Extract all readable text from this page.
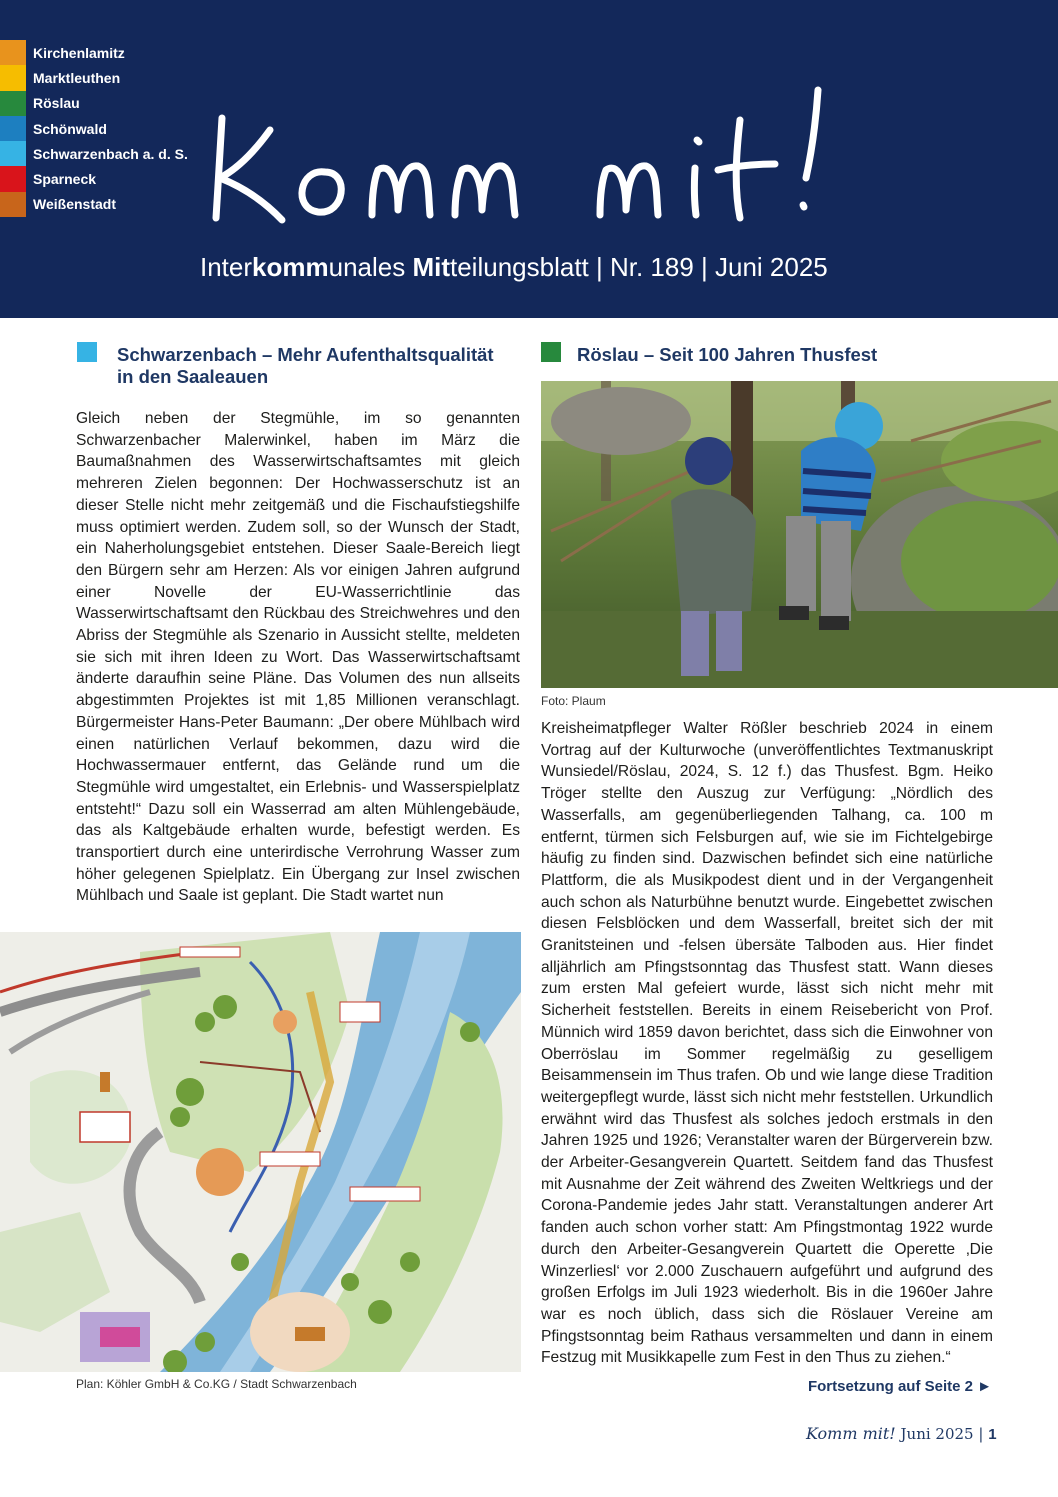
Kirchenlamitz
Marktleuthen
Röslau
Schönwald
Schwarzenbach a. d. S.
Sparneck
Weißenstadt
Interkommunales Mitteilungsblatt | Nr. 189 | Juni 2025
Schwarzenbach – Mehr Aufenthaltsqualität
in den Saaleauen
Gleich neben der Stegmühle, im so genannten Schwarzenbacher Malerwinkel, haben im März die Baumaßnahmen des Wasserwirtschaftsamtes mit gleich mehreren Zielen begonnen: Der Hochwasserschutz ist an dieser Stelle nicht mehr zeitgemäß und die Fischaufstiegshilfe muss optimiert werden. Zudem soll, so der Wunsch der Stadt, ein Naherholungsgebiet entstehen. Dieser Saale-Bereich liegt den Bürgern sehr am Herzen: Als vor einigen Jahren aufgrund einer Novelle der EU-Wasserrichtlinie das Wasserwirtschaftsamt den Rückbau des Streichwehres und den Abriss der Stegmühle als Szenario in Aussicht stellte, meldeten sie sich mit ihren Ideen zu Wort. Das Wasserwirtschaftsamt änderte daraufhin seine Pläne. Das Volumen des nun allseits abgestimmten Projektes ist mit 1,85 Millionen veranschlagt. Bürgermeister Hans-Peter Baumann: „Der obere Mühlbach wird einen natürlichen Verlauf bekommen, dazu wird die Hochwassermauer entfernt, das Gelände rund um die Stegmühle wird umgestaltet, ein Erlebnis- und Wasserspielplatz entsteht!“ Dazu soll ein Wasserrad am alten Mühlengebäude, das als Kaltgebäude erhalten wurde, befestigt werden. Es transportiert durch eine unterirdische Verrohrung Wasser zum höher gelegenen Spielplatz. Ein Übergang zur Insel zwischen Mühlbach und Saale ist geplant. Die Stadt wartet nun
Plan: Köhler GmbH & Co.KG / Stadt Schwarzenbach
Röslau – Seit 100 Jahren Thusfest
Foto: Plaum
Kreisheimatpfleger Walter Rößler beschrieb 2024 in einem Vortrag auf der Kulturwoche (unveröffentlichtes Textmanuskript Wunsiedel/Röslau, 2024, S. 12 f.) das Thusfest. Bgm. Heiko Tröger stellte den Auszug zur Verfügung: „Nördlich des Wasserfalls, am gegenüberliegenden Talhang, ca. 100 m entfernt, türmen sich Felsburgen auf, wie sie im Fichtelgebirge häufig zu finden sind. Dazwischen befindet sich eine natürliche Plattform, die als Musikpodest dient und in der Vergangenheit auch schon als Naturbühne benutzt wurde. Eingebettet zwischen diesen Felsblöcken und dem Wasserfall, breitet sich der mit Granitsteinen und -felsen übersäte Talboden aus. Hier findet alljährlich am Pfingstsonntag das Thusfest statt. Wann dieses zum ersten Mal gefeiert wurde, lässt sich nicht mehr mit Sicherheit feststellen. Bereits in einem Reisebericht von Prof. Münnich wird 1859 davon berichtet, dass sich die Einwohner von Oberröslau im Sommer regelmäßig zu geselligem Beisammensein im Thus trafen. Ob und wie lange diese Tradition weitergepflegt wurde, lässt sich nicht mehr feststellen. Urkundlich erwähnt wird das Thusfest als solches jedoch erstmals in den Jahren 1925 und 1926; Veranstalter waren der Bürgerverein bzw. der Arbeiter-Gesangverein Quartett. Seitdem fand das Thusfest mit Ausnahme der Zeit während des Zweiten Weltkriegs und der Corona-Pandemie jedes Jahr statt. Veranstaltungen anderer Art fanden auch schon vorher statt: Am Pfingstmontag 1922 wurde durch den Arbeiter-Gesangverein Quartett die Operette ‚Die Winzerliesl‘ vor 2.000 Zuschauern aufgeführt und aufgrund des großen Erfolgs im Juli 1923 wiederholt. Bis in die 1960er Jahre war es noch üblich, dass sich die Röslauer Vereine am Pfingstsonntag beim Rathaus versammelten und dann in einem Festzug mit Musikkapelle zum Fest in den Thus zu ziehen.“
Fortsetzung auf Seite 2 ►
Komm mit! Juni 2025 | 1
